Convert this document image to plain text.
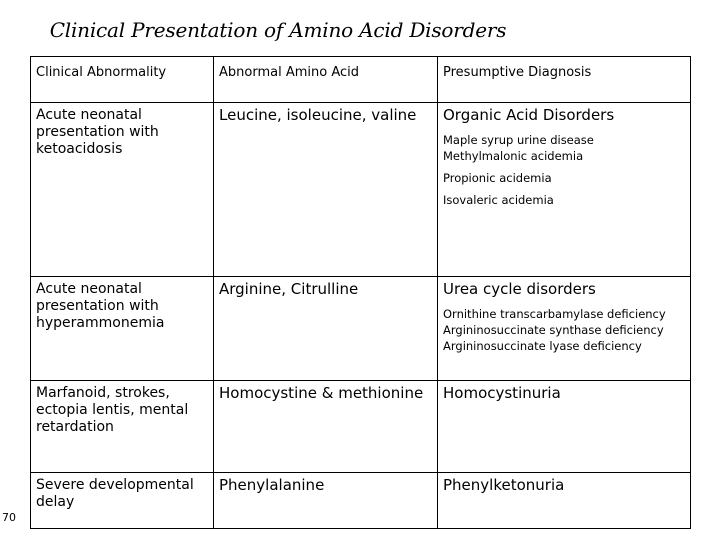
Clinical Presentation of Amino Acid Disorders
Clinical Abnormality	Abnormal Amino Acid	Presumptive Diagnosis
Acute neonatal presentation with ketoacidosis	Leucine, isoleucine, valine	Organic Acid Disorders
Maple syrup urine disease
Methylmalonic acidemia
Propionic acidemia
Isovaleric acidemia

Acute neonatal presentation with hyperammonemia	Arginine, Citrulline	Urea cycle disorders
Ornithine transcarbamylase deficiency
Argininosuccinate synthase deficiency
Argininosuccinate lyase deficiency

Marfanoid, strokes, ectopia lentis, mental retardation	Homocystine & methionine	Homocystinuria
Severe developmental delay	Phenylalanine	Phenylketonuria
70
